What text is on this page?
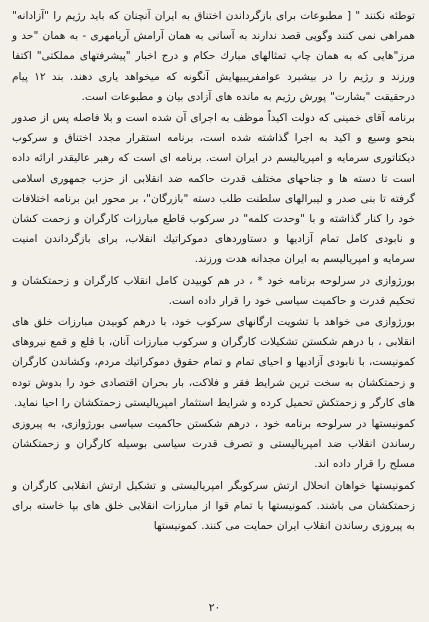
توطئه نكنند " [ مطبوعات براى بازگرداندن اختناق به ايران آنچنان كه بايد رژيم را "آزادانه" همراهى نمى كنند وگويى قصد ندارند به آسانى به همان آرامش آريامهرى - به همان "حد و مرز"هايى كه به همان چاپ تمثالهاى مبارك حكام و درج اخبار "پيشرفتهاى مملكتى" اكتفا ورزند و رژيم را در بيشبرد عوامفريبيهايش آنگونه كه ميخواهد يارى دهند. بند ۱۲ پيام درحقيقت "بشارت" پورش رژيم به مانده هاى آزادى بيان و مطبوعات است.

برنامه آقاى خمينى كه دولت اكيداً موظف به اجراى آن شده است و بلا فاصله پس از صدور بنحو وسيع و اكيد به اجرا گذاشته شده است، برنامه استقرار مجدد اختناق و سركوب ديكتاتورى سرمايه و امپرياليسم در ايران است. برنامه اى است كه رهبر عاليقدر ارائه داده است تا دسته ها و جناحهاى مختلف قدرت حاكمه ضد انقلابى از حزب جمهورى اسلامى گرفته تا بنى صدر و ليبرالهاى سلطنت طلب دسته "بازرگان"، بر محور اين برنامه اختلافات خود را كنار گذاشته و با "وحدت كلمه" در سركوب قاطع مبارزات كارگران و زحمت كشان و نابودى كامل تمام آزاديها و دستاوردهاى دموكراتيك انقلاب، براى بازگرداندن امنيت سرمايه و امپرياليسم به ايران مجدانه هدت ورزند.

بورژوازى در سرلوحه برنامه خود * ، در هم كوبيدن كامل انقلاب كارگران و زحمتكشان و تحكيم قدرت و حاكميت سياسى خود را قرار داده است.

بورژوازى مى خواهد با تشويت ارگانهاى سركوب خود، با درهم كوبيدن مبارزات خلق هاى انقلابى ، با درهم شكستن تشكيلات كارگران و سركوب مبارزات آنان، با قلع و قمع نيروهاى كمونيست، با نابودى آزاديها و احياى تمام و تمام حقوق دموكراتيك مردم، وكشاندن كارگران و زحمتكشان به سخت ترين شرايط فقر و فلاكت، بار بحران اقتصادى خود را بدوش توده هاى كارگر و زحمتكش تحميل كرده و شرايط استثمار امپرياليستى زحمتكشان را احيا نمايد.

كمونيستها در سرلوحه برنامه خود ، درهم شكستن حاكميت سياسى بورژوازى، به پيروزى رساندن انقلاب ضد امپرياليستى و تصرف قدرت سياسى بوسيله كارگران و زحمتكشان مسلح را قرار داده اند.

كمونيستها خواهان انحلال ارتش سركوبگر امپرياليستى و تشكيل ارتش انقلابى كارگران و زحمتكشان مى باشند. كمونيستها با تمام قوا از مبارزات انقلابى خلق هاى بپا خاسته براى به پيروزى رساندن انقلاب ايران حمايت مى كنند. كمونيستها

۲۰
